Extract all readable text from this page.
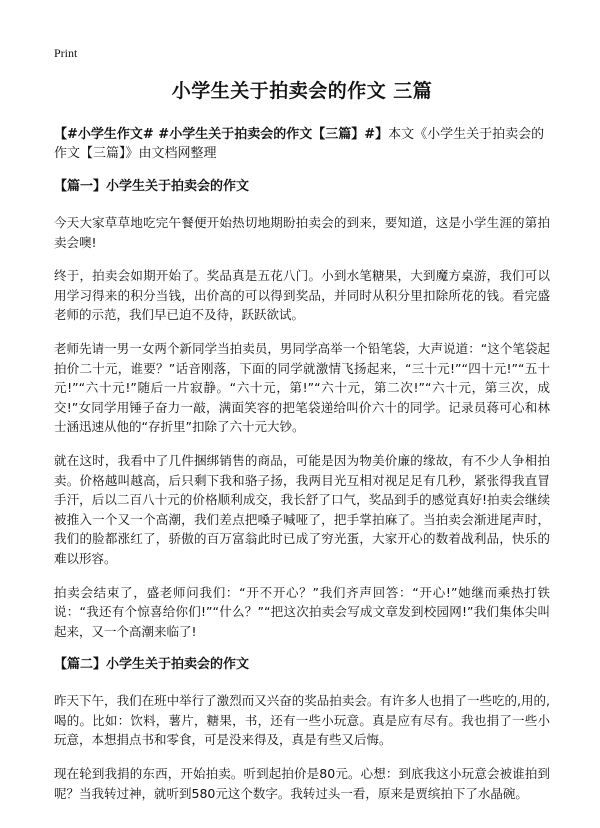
Print
小学生关于拍卖会的作文 三篇
【#小学生作文# #小学生关于拍卖会的作文【三篇】#】本文《小学生关于拍卖会的作文【三篇】》由文档网整理
【篇一】小学生关于拍卖会的作文

今天大家草草地吃完午餐便开始热切地期盼拍卖会的到来，要知道，这是小学生涯的第拍卖会噢!

终于，拍卖会如期开始了。奖品真是五花八门。小到水笔糖果，大到魔方桌游，我们可以用学习得来的积分当钱，出价高的可以得到奖品，并同时从积分里扣除所花的钱。看完盛老师的示范，我们早已迫不及待，跃跃欲试。

老师先请一男一女两个新同学当拍卖员，男同学高举一个铅笔袋，大声说道：“这个笔袋起拍价二十元，谁要？”话音刚落，下面的同学就激情飞扬起来，“三十元!”“四十元!”“五十元!”“六十元!”随后一片寂静。“六十元，第!”“六十元，第二次!”“六十元，第三次，成交!”女同学用锤子奋力一敲，满面笑容的把笔袋递给叫价六十的同学。记录员蒋可心和林士涵迅速从他的“存折里”扣除了六十元大钞。

就在这时，我看中了几件捆绑销售的商品，可能是因为物美价廉的缘故，有不少人争相拍卖。价格越叫越高，后只剩下我和骆子扬，我两目光互相对视足足有几秒，紧张得我直冒手汗，后以二百八十元的价格顺利成交，我长舒了口气，奖品到手的感觉真好!拍卖会继续被推入一个又一个高潮，我们差点把嗓子喊哑了，把手掌拍麻了。当拍卖会渐进尾声时，我们的脸都涨红了，骄傲的百万富翁此时已成了穷光蛋，大家开心的数着战利品，快乐的难以形容。

拍卖会结束了，盛老师问我们：“开不开心？”我们齐声回答：“开心!”她继而乘热打铁说：“我还有个惊喜给你们!”“什么？”“把这次拍卖会写成文章发到校园网!”我们集体尖叫起来，又一个高潮来临了!

【篇二】小学生关于拍卖会的作文

昨天下午，我们在班中举行了激烈而又兴奋的奖品拍卖会。有许多人也捐了一些吃的,用的,喝的。比如：饮料，薯片，糖果，书，还有一些小玩意。真是应有尽有。我也捐了一些小玩意，本想捐点书和零食，可是没来得及，真是有些又后悔。

现在轮到我捐的东西，开始拍卖。听到起拍价是80元。心想：到底我这小玩意会被谁拍到呢？当我转过神，就听到580元这个数字。我转过头一看，原来是贾缤拍下了水晶碗。
